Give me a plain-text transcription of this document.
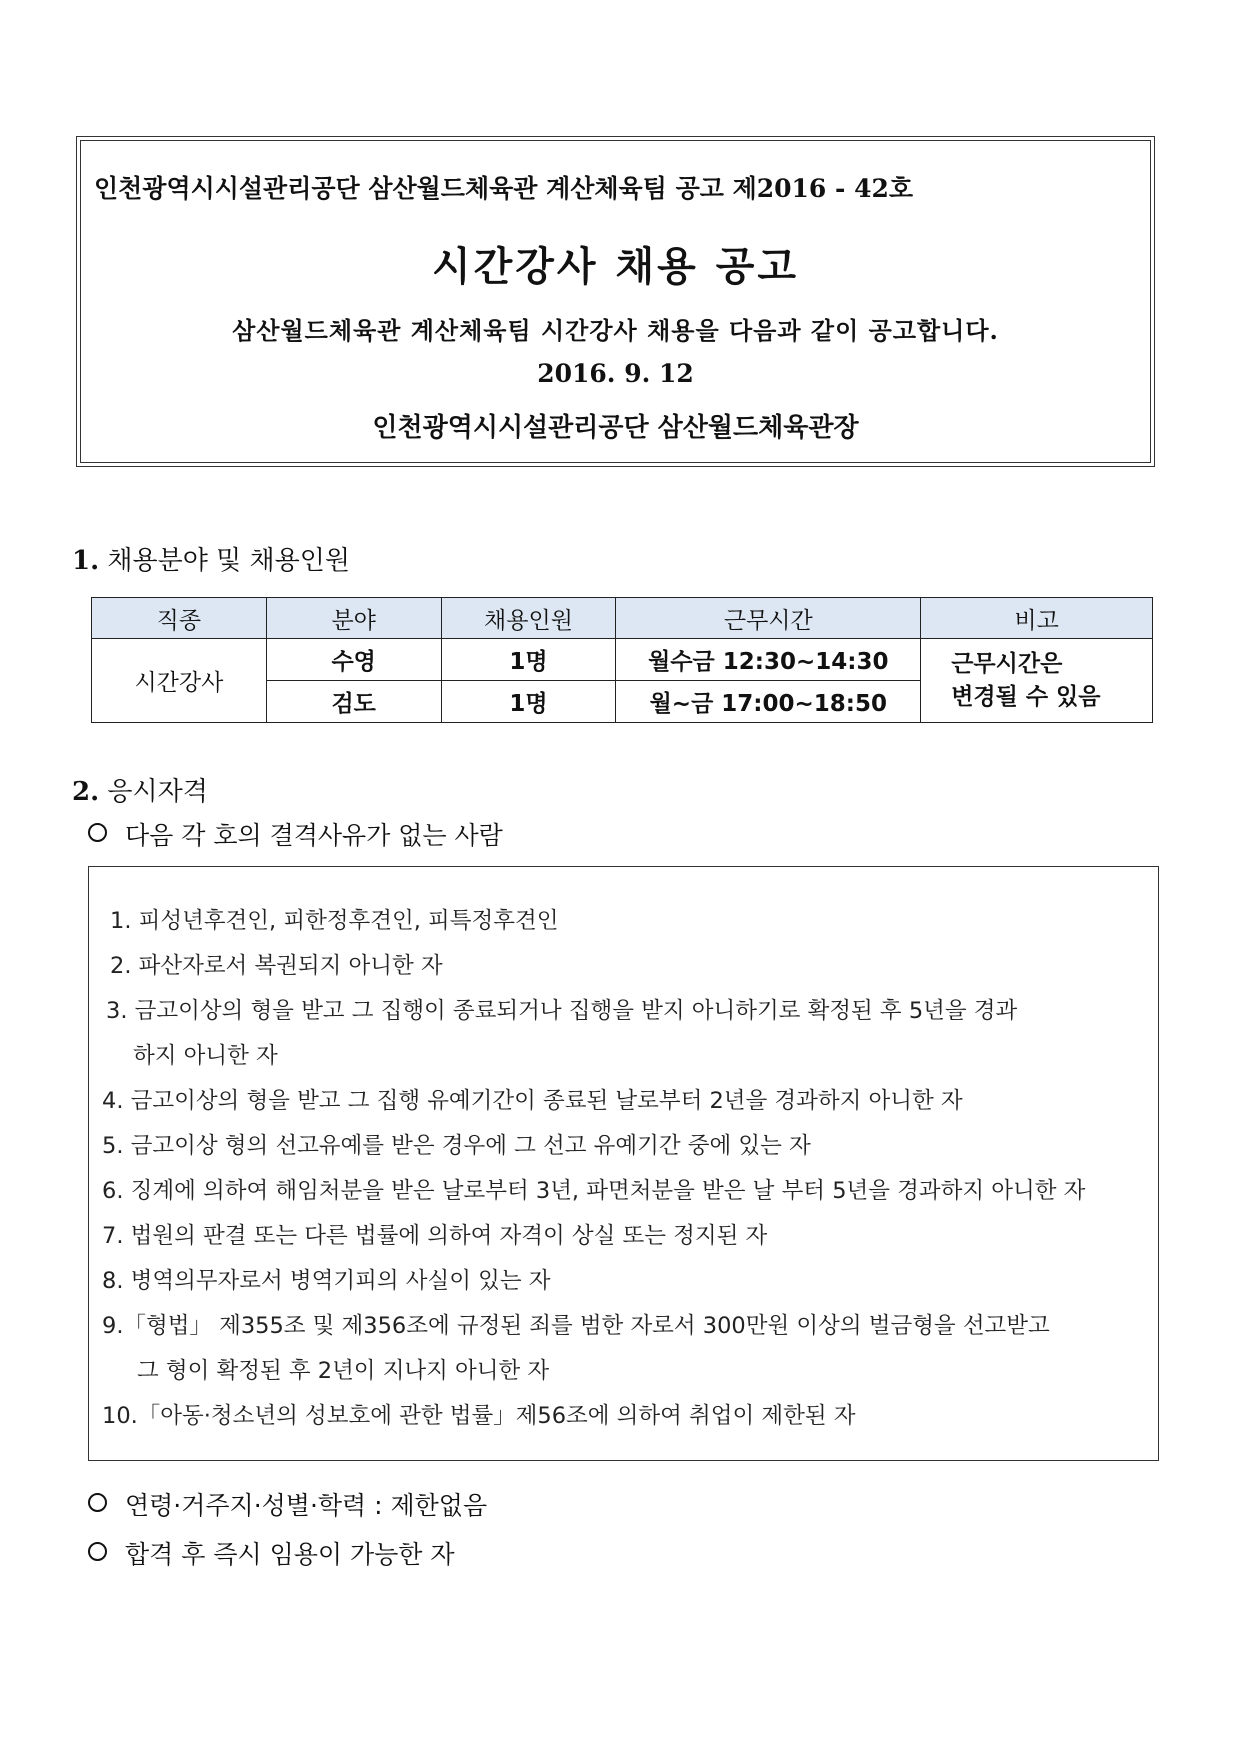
인천광역시시설관리공단 삼산월드체육관 계산체육팀 공고 제2016 - 42호
시간강사 채용 공고
삼산월드체육관 계산체육팀 시간강사 채용을 다음과 같이 공고합니다.
2016. 9. 12
인천광역시시설관리공단 삼산월드체육관장
1. 채용분야 및 채용인원
직종	분야	채용인원	근무시간	비고
시간강사	수영	1명	월수금 12:30~14:30	근무시간은
변경될 수 있음

	검도	1명	월~금 17:00~18:50	
2. 응시자격
다음 각 호의 결격사유가 없는 사람
1. 피성년후견인, 피한정후견인, 피특정후견인
2. 파산자로서 복권되지 아니한 자
3. 금고이상의 형을 받고 그 집행이 종료되거나 집행을 받지 아니하기로 확정된 후 5년을 경과
하지 아니한 자
4. 금고이상의 형을 받고 그 집행 유예기간이 종료된 날로부터 2년을 경과하지 아니한 자
5. 금고이상 형의 선고유예를 받은 경우에 그 선고 유예기간 중에 있는 자
6. 징계에 의하여 해임처분을 받은 날로부터 3년, 파면처분을 받은 날 부터 5년을 경과하지 아니한 자
7. 법원의 판결 또는 다른 법률에 의하여 자격이 상실 또는 정지된 자
8. 병역의무자로서 병역기피의 사실이 있는 자
9.「형법」 제355조 및 제356조에 규정된 죄를 범한 자로서 300만원 이상의 벌금형을 선고받고
그 형이 확정된 후 2년이 지나지 아니한 자
10.「아동·청소년의 성보호에 관한 법률」제56조에 의하여 취업이 제한된 자
연령·거주지·성별·학력 : 제한없음
합격 후 즉시 임용이 가능한 자
